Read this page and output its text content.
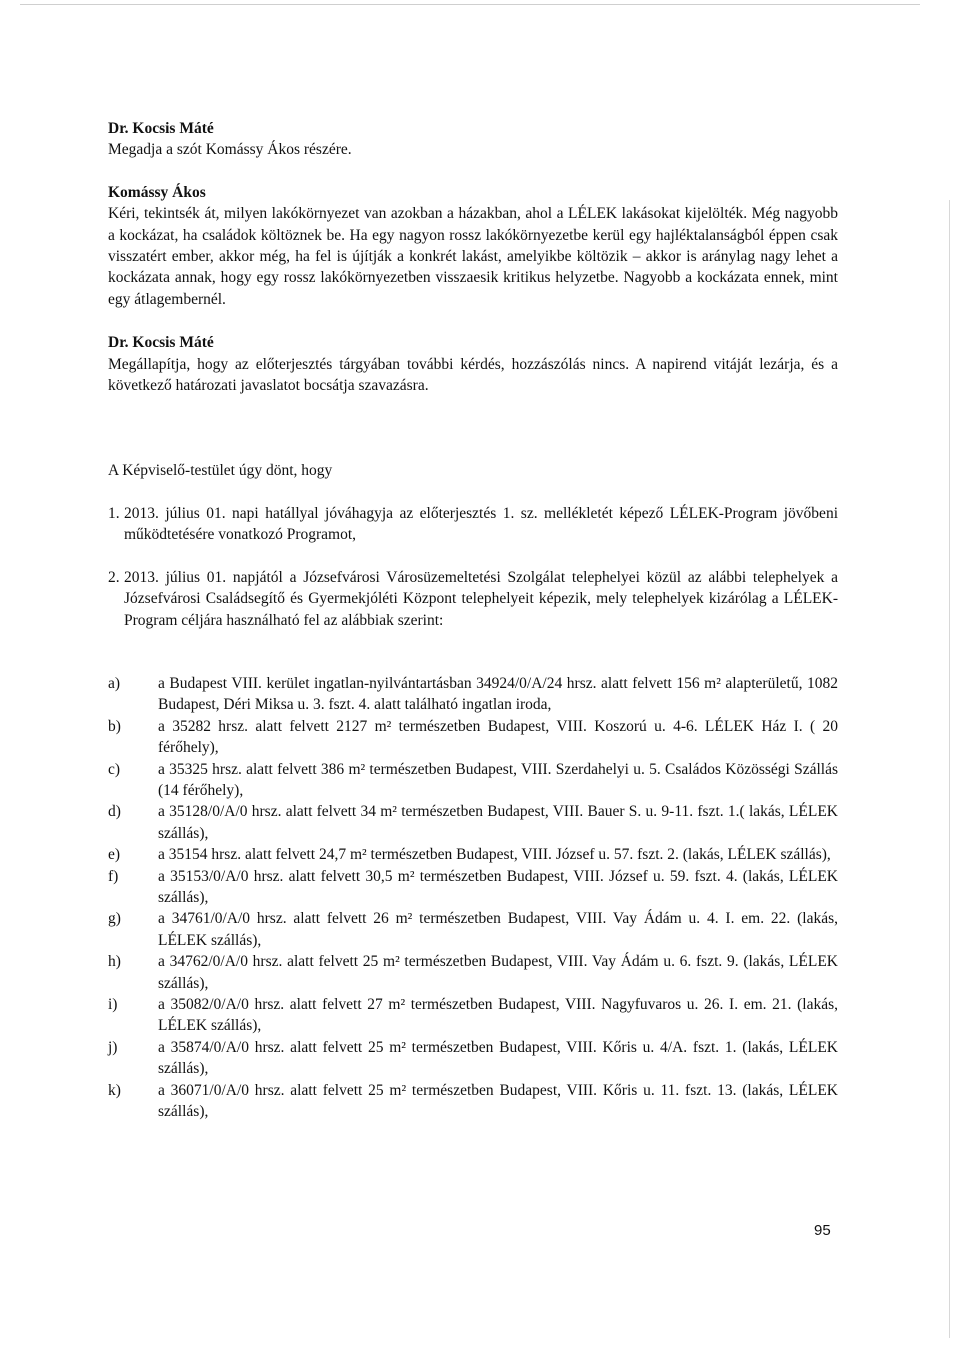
Dr. Kocsis Máté

Megadja a szót Komássy Ákos részére.

Komássy Ákos

Kéri, tekintsék át, milyen lakókörnyezet van azokban a házakban, ahol a LÉLEK lakásokat kijelölték. Még nagyobb a kockázat, ha családok költöznek be. Ha egy nagyon rossz lakókörnyezetbe kerül egy hajléktalanságból éppen csak visszatért ember, akkor még, ha fel is újítják a konkrét lakást, amelyikbe költözik – akkor is aránylag nagy lehet a kockázata annak, hogy egy rossz lakókörnyezetben visszaesik kritikus helyzetbe. Nagyobb a kockázata ennek, mint egy átlagembernél.

Dr. Kocsis Máté

Megállapítja, hogy az előterjesztés tárgyában további kérdés, hozzászólás nincs. A napirend vitáját lezárja, és a következő határozati javaslatot bocsátja szavazásra.

A Képviselő-testület úgy dönt, hogy

1. 2013. július 01. napi hatállyal jóváhagyja az előterjesztés 1. sz. mellékletét képező LÉLEK-Program jövőbeni működtetésére vonatkozó Programot,
2. 2013. július 01. napjától a Józsefvárosi Városüzemeltetési Szolgálat telephelyei közül az alábbi telephelyek a Józsefvárosi Családsegítő és Gyermekjóléti Központ telephelyeit képezik, mely telephelyek kizárólag a LÉLEK-Program céljára használható fel az alábbiak szerint:
a)	a Budapest VIII. kerület ingatlan-nyilvántartásban 34924/0/A/24 hrsz. alatt felvett 156 m² alapterületű, 1082 Budapest, Déri Miksa u. 3. fszt. 4. alatt található ingatlan iroda,
b)	a 35282 hrsz. alatt felvett 2127 m² természetben Budapest, VIII. Koszorú u. 4-6. LÉLEK Ház I. ( 20 férőhely),
c)	a 35325 hrsz. alatt felvett 386 m² természetben Budapest, VIII. Szerdahelyi u. 5. Családos Közösségi Szállás (14 férőhely),
d)	a 35128/0/A/0 hrsz. alatt felvett 34 m² természetben Budapest, VIII. Bauer S. u. 9-11. fszt. 1.( lakás, LÉLEK szállás),
e)	a 35154 hrsz. alatt felvett 24,7 m² természetben Budapest, VIII. József u. 57. fszt. 2. (lakás, LÉLEK szállás),
f)	a 35153/0/A/0 hrsz. alatt felvett 30,5 m² természetben Budapest, VIII. József u. 59. fszt. 4. (lakás, LÉLEK szállás),
g)	a 34761/0/A/0 hrsz. alatt felvett 26 m² természetben Budapest, VIII. Vay Ádám u. 4. I. em. 22. (lakás, LÉLEK szállás),
h)	a 34762/0/A/0 hrsz. alatt felvett 25 m² természetben Budapest, VIII. Vay Ádám u. 6. fszt. 9. (lakás, LÉLEK szállás),
i)	a 35082/0/A/0 hrsz. alatt felvett 27 m² természetben Budapest, VIII. Nagyfuvaros u. 26. I. em. 21. (lakás, LÉLEK szállás),
j)	a 35874/0/A/0 hrsz. alatt felvett 25 m² természetben Budapest, VIII. Kőris u. 4/A. fszt. 1. (lakás, LÉLEK szállás),
k)	a 36071/0/A/0 hrsz. alatt felvett 25 m² természetben Budapest, VIII. Kőris u. 11. fszt. 13. (lakás, LÉLEK szállás),
95
